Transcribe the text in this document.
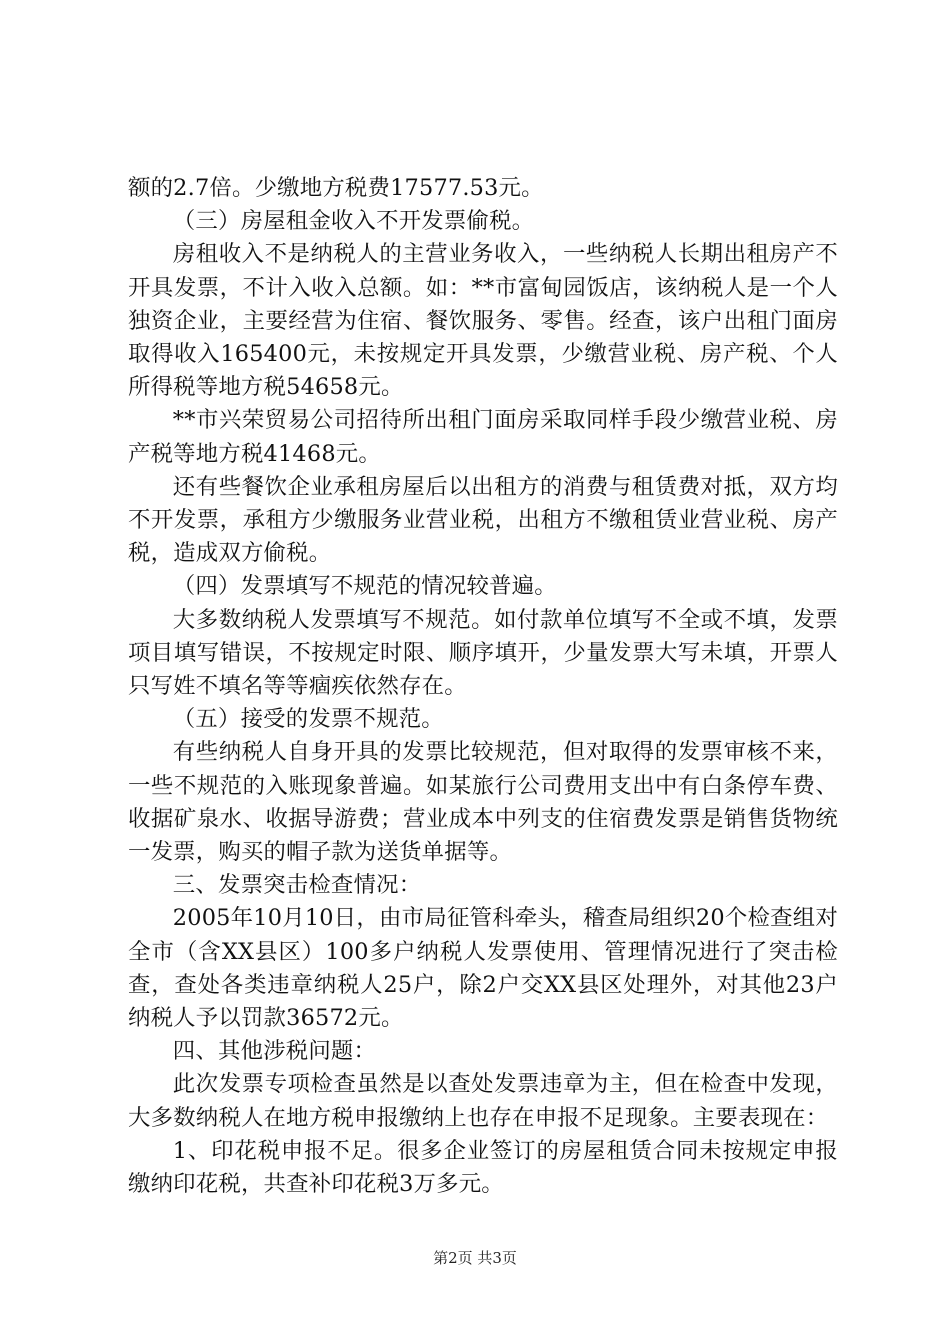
额的2.7倍。少缴地方税费17577.53元。

（三）房屋租金收入不开发票偷税。

房租收入不是纳税人的主营业务收入，一些纳税人长期出租房产不开具发票，不计入收入总额。如：**市富甸园饭店，该纳税人是一个人独资企业，主要经营为住宿、餐饮服务、零售。经查，该户出租门面房取得收入165400元，未按规定开具发票，少缴营业税、房产税、个人所得税等地方税54658元。

**市兴荣贸易公司招待所出租门面房采取同样手段少缴营业税、房产税等地方税41468元。

还有些餐饮企业承租房屋后以出租方的消费与租赁费对抵，双方均不开发票，承租方少缴服务业营业税，出租方不缴租赁业营业税、房产税，造成双方偷税。

（四）发票填写不规范的情况较普遍。

大多数纳税人发票填写不规范。如付款单位填写不全或不填，发票项目填写错误，不按规定时限、顺序填开，少量发票大写未填，开票人只写姓不填名等等痼疾依然存在。

（五）接受的发票不规范。

有些纳税人自身开具的发票比较规范，但对取得的发票审核不来，一些不规范的入账现象普遍。如某旅行公司费用支出中有白条停车费、收据矿泉水、收据导游费；营业成本中列支的住宿费发票是销售货物统一发票，购买的帽子款为送货单据等。

三、发票突击检查情况：

2005年10月10日，由市局征管科牵头，稽查局组织20个检查组对全市（含XX县区）100多户纳税人发票使用、管理情况进行了突击检查，查处各类违章纳税人25户，除2户交XX县区处理外，对其他23户纳税人予以罚款36572元。

四、其他涉税问题：

此次发票专项检查虽然是以查处发票违章为主，但在检查中发现，大多数纳税人在地方税申报缴纳上也存在申报不足现象。主要表现在：

1、印花税申报不足。很多企业签订的房屋租赁合同未按规定申报缴纳印花税，共查补印花税3万多元。

第2页 共3页
